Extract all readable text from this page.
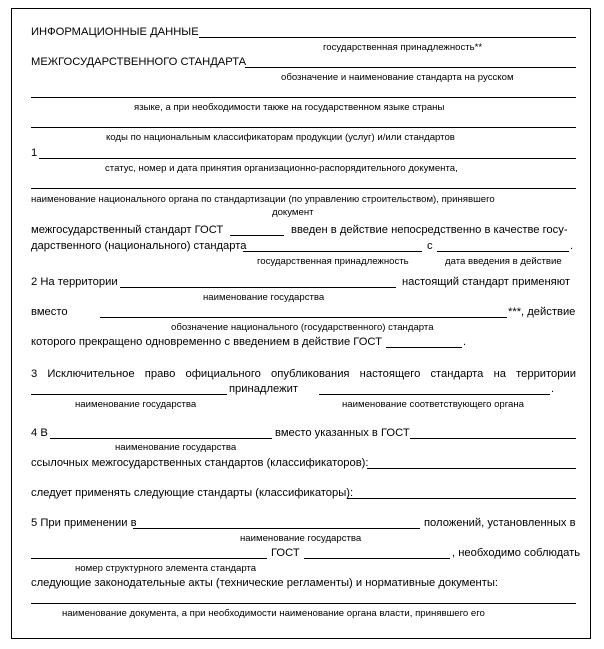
ИНФОРМАЦИОННЫЕ ДАННЫЕ
государственная принадлежность**
МЕЖГОСУДАРСТВЕННОГО СТАНДАРТА
обозначение и наименование стандарта на русском
языке, а при необходимости также на государственном языке страны
коды по национальным классификаторам продукции (услуг) и/или стандартов
1
статус, номер и дата принятия организационно-распорядительного документа,
наименование национального органа по стандартизации (по управлению строительством), принявшего
документ
межгосударственный стандарт ГОСТ	введен в действие непосредственно в качестве госу-
дарственного (национального) стандарта	с	.
государственная принадлежность	дата введения в действие
2 На территории	настоящий стандарт применяют
наименование государства
вместо	***, действие
обозначение национального (государственного) стандарта
которого прекращено одновременно с введением в действие ГОСТ	.
3 Исключительное право официального опубликования настоящего стандарта на территории
принадлежит	.
наименование государства	наименование соответствующего органа
4 В	вместо указанных в ГОСТ
наименование государства
ссылочных межгосударственных стандартов (классификаторов):
следует применять следующие стандарты (классификаторы):
5 При применении в	положений, установленных в
наименование государства
ГОСТ	, необходимо соблюдать
номер структурного элемента стандарта
следующие законодательные акты (технические регламенты) и нормативные документы:
наименование документа, а при необходимости наименование органа власти, принявшего его
